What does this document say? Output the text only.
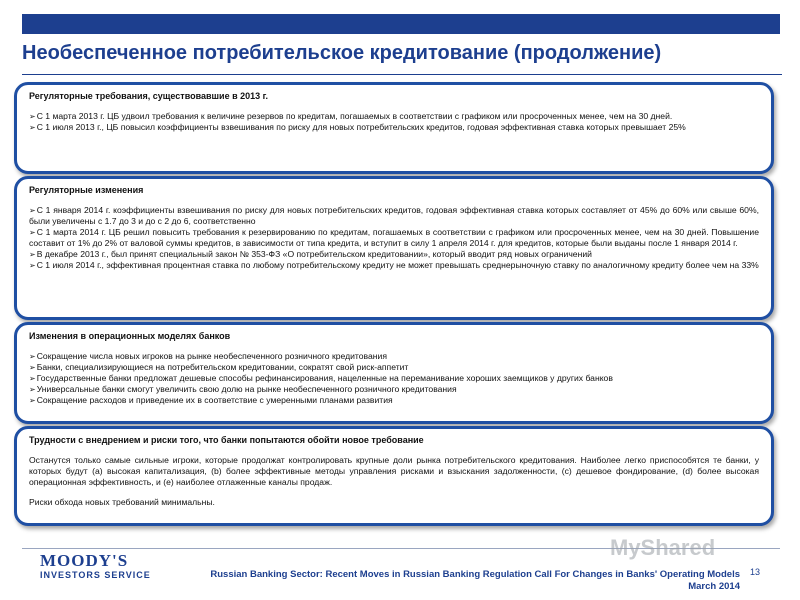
Необеспеченное потребительское кредитование (продолжение)
Регуляторные требования, существовавшие в 2013 г.
➢ С 1 марта 2013 г. ЦБ удвоил требования к величине резервов по кредитам, погашаемых в соответствии с графиком или просроченных менее, чем на 30 дней.
➢ С 1 июля 2013 г., ЦБ повысил коэффициенты взвешивания по риску для новых потребительских кредитов, годовая эффективная ставка которых превышает 25%
Регуляторные изменения
➢ С 1 января 2014 г. коэффициенты взвешивания по риску для новых потребительских кредитов, годовая эффективная ставка которых составляет от 45% до 60% или свыше 60%, были увеличены с 1.7 до 3 и до с 2 до 6, соответственно
➢ С 1 марта 2014 г. ЦБ решил повысить требования к резервированию по кредитам, погашаемых в соответствии с графиком или просроченных менее, чем на 30 дней. Повышение составит от 1% до 2% от валовой суммы кредитов, в зависимости от типа кредита, и вступит в силу 1 апреля 2014 г. для кредитов, которые были выданы после 1 января 2014 г.
➢ В декабре 2013 г., был принят специальный закон № 353-ФЗ «О потребительском кредитовании», который вводит ряд новых ограничений
➢ С 1 июля 2014 г., эффективная процентная ставка по любому потребительскому кредиту не может превышать среднерыночную ставку по аналогичному кредиту более чем на 33%
Изменения в операционных моделях банков
➢ Сокращение числа новых игроков на рынке необеспеченного розничного кредитования
➢ Банки, специализирующиеся на потребительском кредитовании, сократят свой риск-аппетит
➢ Государственные банки предложат дешевые способы рефинансирования, нацеленные на переманивание хороших заемщиков у других банков
➢ Универсальные банки смогут увеличить свою долю на рынке необеспеченного розничного кредитования
➢ Сокращение расходов и приведение их в соответствие с умеренными планами развития
Трудности с внедрением и риски того, что банки попытаются обойти новое требование
Останутся только самые сильные игроки, которые продолжат контролировать крупные доли рынка потребительского кредитования. Наиболее легко приспособятся те банки, у которых будут (a) высокая капитализация, (b) более эффективные методы управления рисками и взыскания задолженности, (c) дешевое фондирование, (d) более высокая операционная эффективность, и (e) наиболее отлаженные каналы продаж.
Риски обхода новых требований минимальны.
MOODY'S
INVESTORS SERVICE
MyShared
Russian Banking Sector: Recent Moves in Russian Banking Regulation Call For Changes in Banks' Operating Models
March 2014
13
